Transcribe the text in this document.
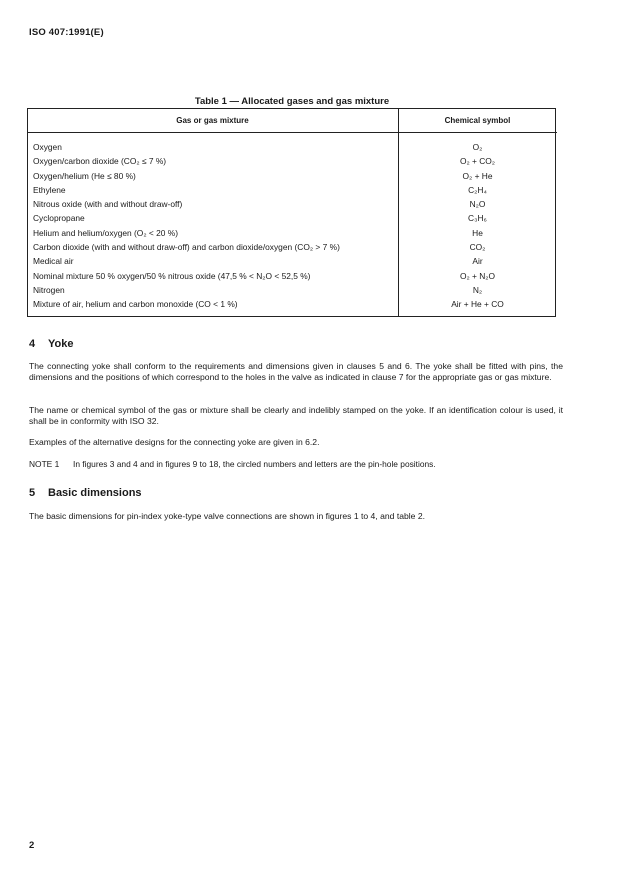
ISO 407:1991(E)
Table 1 — Allocated gases and gas mixture
Gas or gas mixture	Chemical symbol
Oxygen	O₂
Oxygen/carbon dioxide (CO₂ ≤ 7 %)	O₂ + CO₂
Oxygen/helium (He ≤ 80 %)	O₂ + He
Ethylene	C₂H₄
Nitrous oxide (with and without draw-off)	N₂O
Cyclopropane	C₃H₆
Helium and helium/oxygen (O₂ < 20 %)	He
Carbon dioxide (with and without draw-off) and carbon dioxide/oxygen (CO₂ > 7 %)	CO₂
Medical air	Air
Nominal mixture 50 % oxygen/50 % nitrous oxide (47,5 % < N₂O < 52,5 %)	O₂ + N₂O
Nitrogen	N₂
Mixture of air, helium and carbon monoxide (CO < 1 %)	Air + He + CO
4 Yoke

The connecting yoke shall conform to the requirements and dimensions given in clauses 5 and 6. The yoke shall be fitted with pins, the dimensions and the positions of which correspond to the holes in the valve as indicated in clause 7 for the appropriate gas or gas mixture.

The name or chemical symbol of the gas or mixture shall be clearly and indelibly stamped on the yoke. If an identification colour is used, it shall be in conformity with ISO 32.

Examples of the alternative designs for the connecting yoke are given in 6.2.

NOTE 1 In figures 3 and 4 and in figures 9 to 18, the circled numbers and letters are the pin-hole positions.
5 Basic dimensions

The basic dimensions for pin-index yoke-type valve connections are shown in figures 1 to 4, and table 2.

2
